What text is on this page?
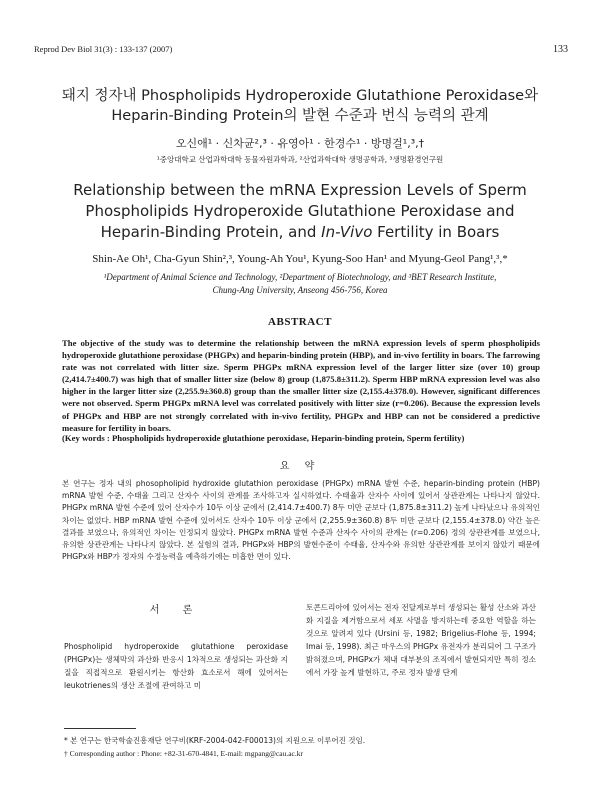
Reprod Dev Biol 31(3) : 133-137 (2007)	133
돼지 정자내 Phospholipids Hydroperoxide Glutathione Peroxidase와
Heparin-Binding Protein의 발현 수준과 번식 능력의 관계
오신애¹ · 신차균²,³ · 유영아¹ · 한경수¹ · 방명걸¹,³,†
¹중앙대학교 산업과학대학 동물자원과학과, ²산업과학대학 생명공학과, ³생명환경연구원
Relationship between the mRNA Expression Levels of Sperm
Phospholipids Hydroperoxide Glutathione Peroxidase and
Heparin-Binding Protein, and In-Vivo Fertility in Boars
Shin-Ae Oh¹, Cha-Gyun Shin²,³, Young-Ah You¹, Kyung-Soo Han¹ and Myung-Geol Pang¹,³,*
¹Department of Animal Science and Technology, ²Department of Biotechnology, and ³BET Research Institute,
Chung-Ang University, Anseong 456-756, Korea
ABSTRACT
The objective of the study was to determine the relationship between the mRNA expression levels of sperm phospholipids hydroperoxide glutathione peroxidase (PHGPx) and heparin-binding protein (HBP), and in-vivo fertility in boars. The farrowing rate was not correlated with litter size. Sperm PHGPx mRNA expression level of the larger litter size (over 10) group (2,414.7±400.7) was high that of smaller litter size (below 8) group (1,875.8±311.2). Sperm HBP mRNA expression level was also higher in the larger litter size (2,255.9±360.8) group than the smaller litter size (2,155.4±378.0). However, significant differences were not observed. Sperm PHGPx mRNA level was correlated positively with litter size (r=0.206). Because the expression levels of PHGPx and HBP are not strongly correlated with in-vivo fertility, PHGPx and HBP can not be considered a predictive measure for fertility in boars.
(Key words : Phospholipids hydroperoxide glutathione peroxidase, Heparin-binding protein, Sperm fertility)
요 약
본 연구는 정자 내의 phosopholipid hydroxide glutathion peroxidase (PHGPx) mRNA 발현 수준, heparin-binding protein (HBP) mRNA 발현 수준, 수태율 그리고 산자수 사이의 관계를 조사하고자 실시하였다. 수태율과 산자수 사이에 있어서 상관관계는 나타나지 않았다. PHGPx mRNA 발현 수준에 있어 산자수가 10두 이상 군에서 (2,414.7±400.7) 8두 미만 군보다 (1,875.8±311.2) 높게 나타났으나 유의적인 차이는 없었다. HBP mRNA 발현 수준에 있어서도 산자수 10두 이상 군에서 (2,255.9±360.8) 8두 미만 군보다 (2,155.4±378.0) 약간 높은 결과를 보였으나, 유의적인 차이는 인정되지 않았다. PHGPx mRNA 발현 수준과 산자수 사이의 관계는 (r=0.206) 정의 상관관계를 보였으나, 유의한 상관관계는 나타나지 않았다. 본 실험의 결과, PHGPx와 HBP의 발현수준이 수태율, 산자수와 유의한 상관관계를 보이지 않았기 때문에 PHGPx와 HBP가 정자의 수정능력을 예측하기에는 미흡한 면이 있다.
서 론
Phospholipid hydroperoxide glutathione peroxidase (PHGPx)는 생체막의 과산화 반응시 1차적으로 생성되는 과산화 지질을 직접적으로 환원시키는 항산화 효소로서 해에 있어서는 leukotrienes의 생산 조절에 관여하고 미
토콘드리아에 있어서는 전자 전달계로부터 생성되는 활성 산소와 과산화 지질을 제거함으로서 세포 사멸을 방지하는데 중요한 역할을 하는 것으로 알려져 있다 (Ursini 등, 1982; Brigelius-Flohe 등, 1994; Imai 등, 1998). 최근 마우스의 PHGPx 유전자가 분리되어 그 구조가 밝혀졌으며, PHGPx가 체내 대부분의 조직에서 발현되지만 특히 정소에서 가장 높게 발현하고, 주로 정자 발생 단계
* 본 연구는 한국학술진흥재단 연구비(KRF-2004-042-F00013)의 지원으로 이루어진 것임.
† Corresponding author : Phone: +82-31-670-4841, E-mail: mgpang@cau.ac.kr
